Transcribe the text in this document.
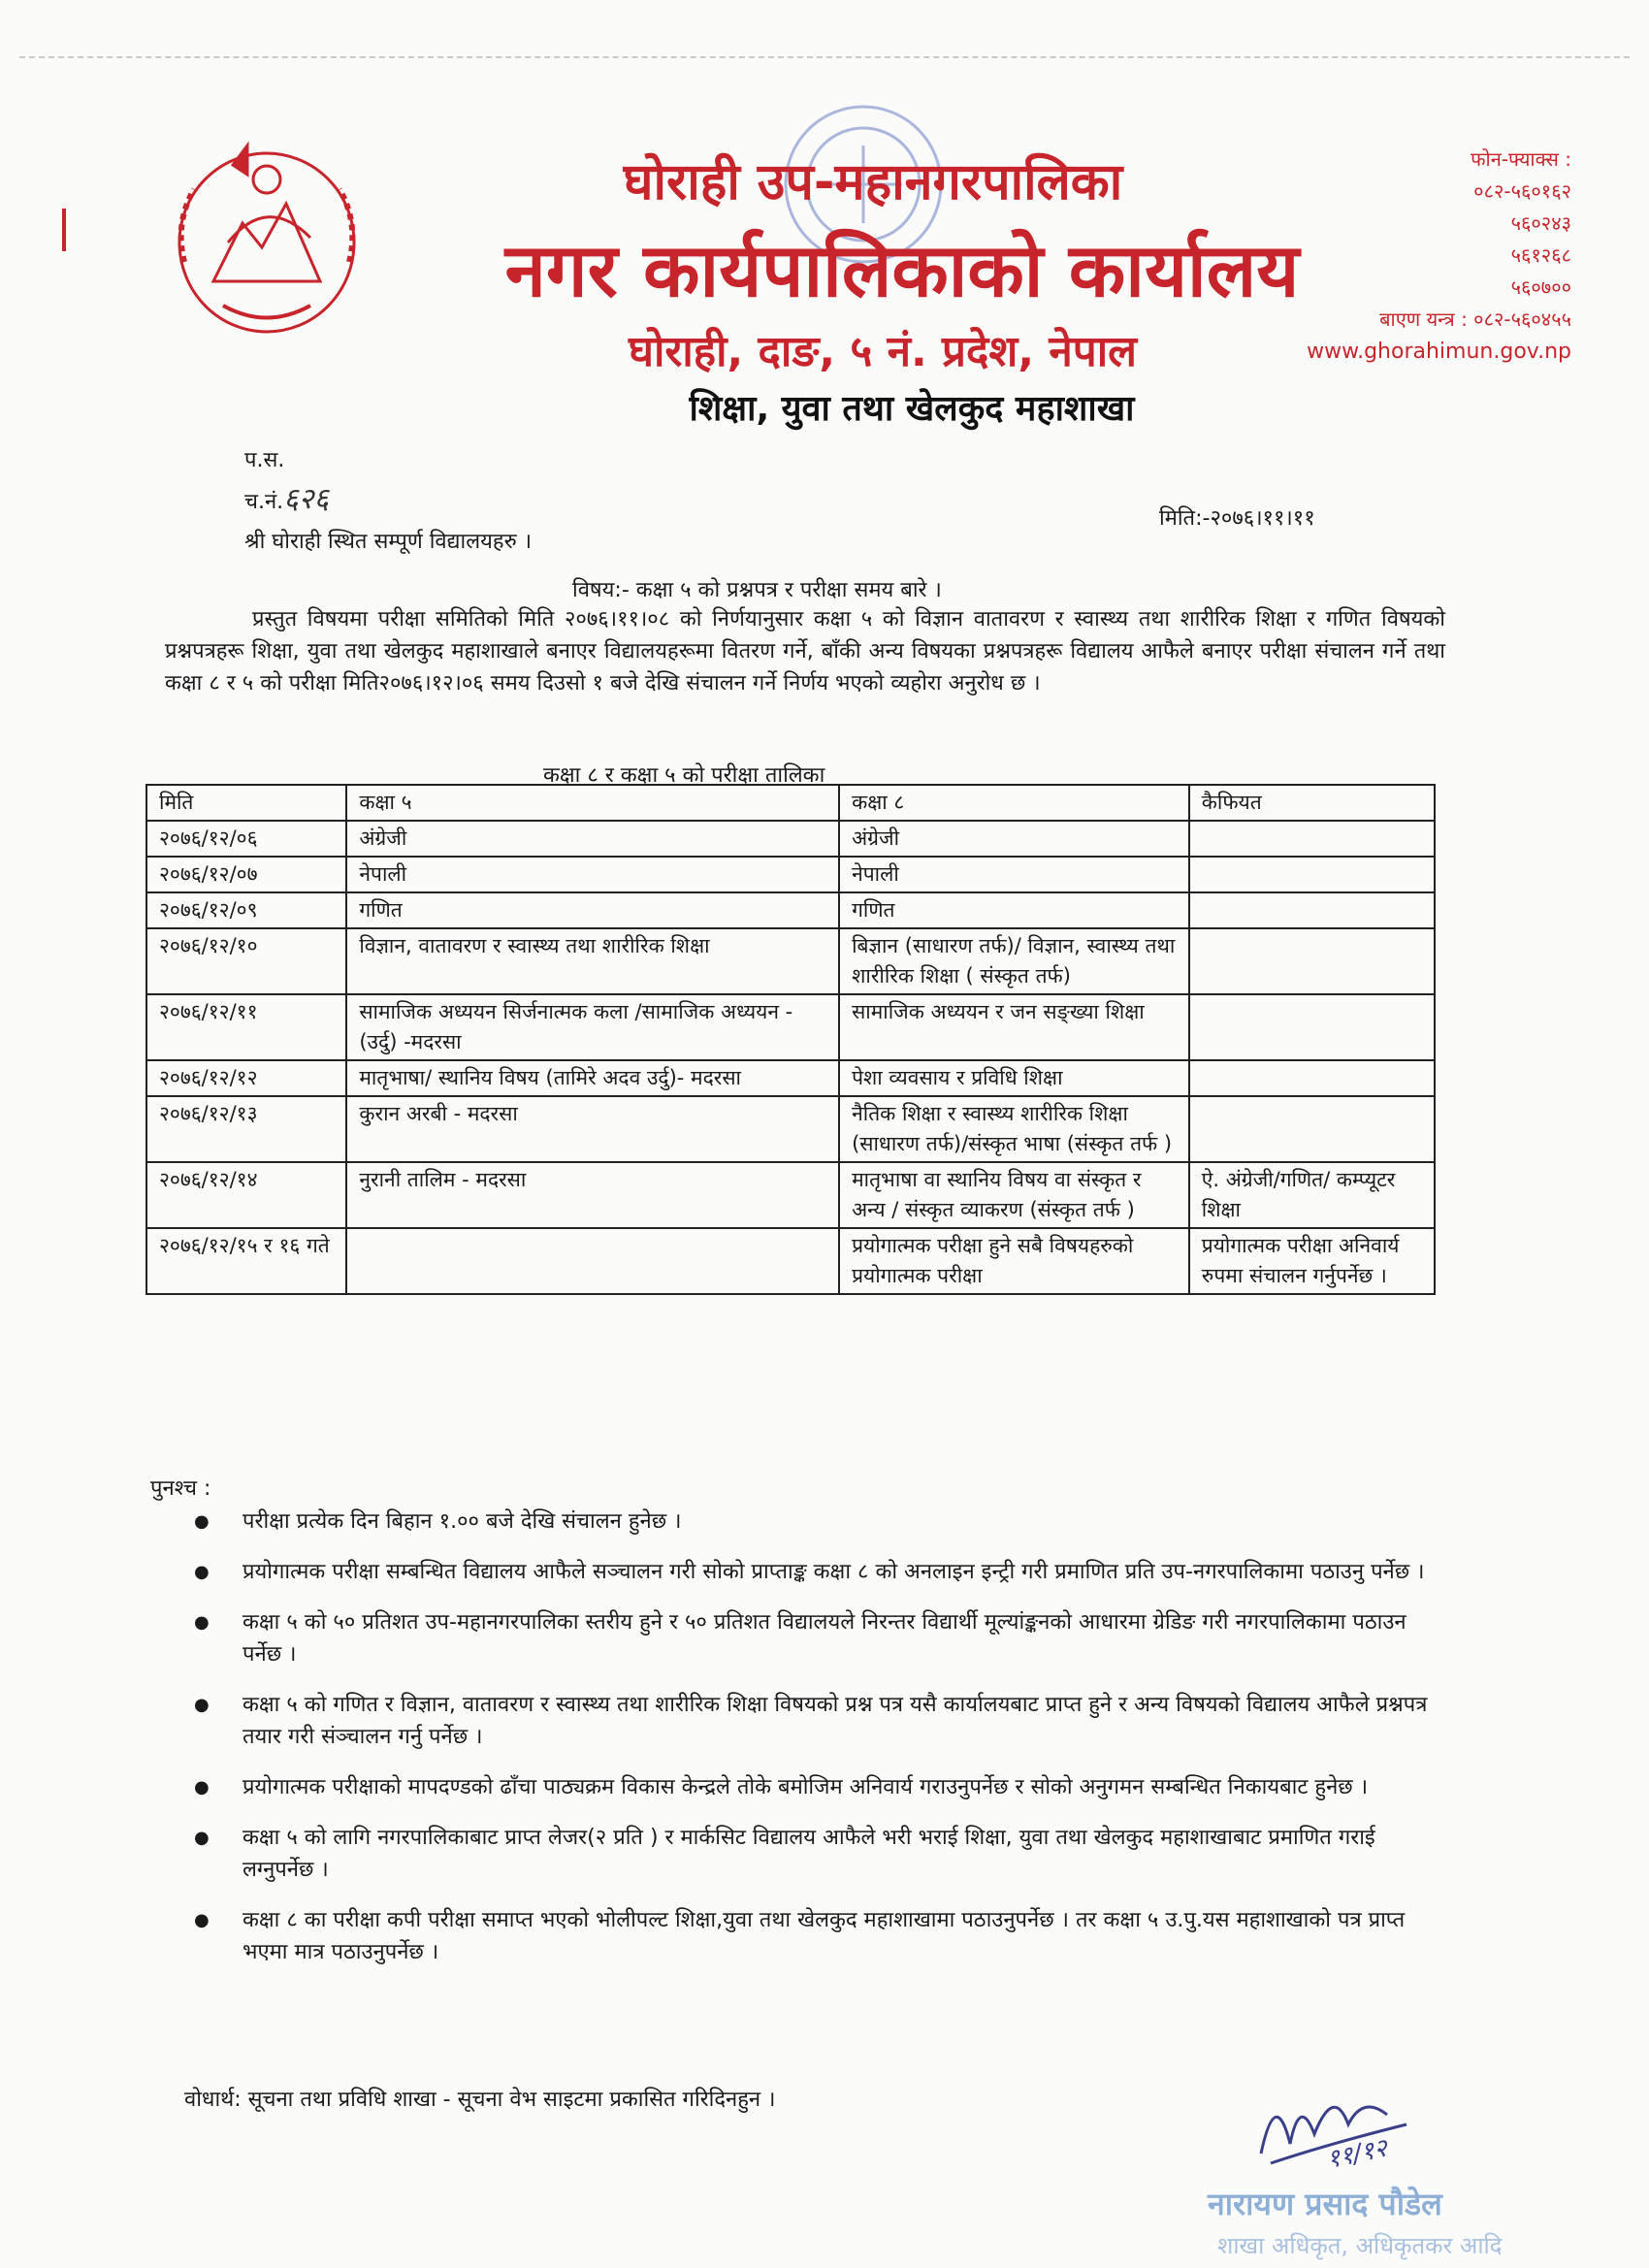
घोराही उप-महानगरपालिका
नगर कार्यपालिकाको कार्यालय
घोराही, दाङ, ५ नं. प्रदेश, नेपाल
शिक्षा, युवा तथा खेलकुद महाशाखा
फोन-फ्याक्स :
०८२-५६०१६२
५६०२४३
५६१२६८
५६०७००
बाएण यन्त्र : ०८२-५६०४५५
www.ghorahimun.gov.np
प.स.
च.नं.६२६
श्री घोराही स्थित सम्पूर्ण विद्यालयहरु ।
मिति:-२०७६।११।११
विषय:- कक्षा ५ को प्रश्नपत्र र परीक्षा समय बारे ।
प्रस्तुत विषयमा परीक्षा समितिको मिति २०७६।११।०८ को निर्णयानुसार कक्षा ५ को विज्ञान वातावरण र स्वास्थ्य तथा शारीरिक शिक्षा र गणित विषयको प्रश्नपत्रहरू शिक्षा, युवा तथा खेलकुद महाशाखाले बनाएर विद्यालयहरूमा वितरण गर्ने, बाँकी अन्य विषयका प्रश्नपत्रहरू विद्यालय आफैले बनाएर परीक्षा संचालन गर्ने तथा कक्षा ८ र ५ को परीक्षा मिति२०७६।१२।०६ समय दिउसो १ बजे देखि संचालन गर्ने निर्णय भएको व्यहोरा अनुरोध छ ।
कक्षा ८ र कक्षा ५ को परीक्षा तालिका
मिति	कक्षा ५	कक्षा ८	कैफियत
२०७६/१२/०६	अंग्रेजी	अंग्रेजी	
२०७६/१२/०७	नेपाली	नेपाली	
२०७६/१२/०९	गणित	गणित	
२०७६/१२/१०	विज्ञान, वातावरण र स्वास्थ्य तथा शारीरिक शिक्षा	बिज्ञान (साधारण तर्फ)/ विज्ञान, स्वास्थ्य तथा शारीरिक शिक्षा ( संस्कृत तर्फ)	
२०७६/१२/११	सामाजिक अध्ययन सिर्जनात्मक कला /सामाजिक अध्ययन -(उर्दु) -मदरसा	सामाजिक अध्ययन र जन सङ्ख्या शिक्षा	
२०७६/१२/१२	मातृभाषा/ स्थानिय विषय (तामिरे अदव उर्दु)- मदरसा	पेशा व्यवसाय र प्रविधि शिक्षा	
२०७६/१२/१३	कुरान अरबी - मदरसा	नैतिक शिक्षा र स्वास्थ्य शारीरिक शिक्षा (साधारण तर्फ)/संस्कृत भाषा (संस्कृत तर्फ )	
२०७६/१२/१४	नुरानी तालिम - मदरसा	मातृभाषा वा स्थानिय विषय वा संस्कृत र अन्य / संस्कृत व्याकरण (संस्कृत तर्फ )	ऐ. अंग्रेजी/गणित/ कम्प्यूटर शिक्षा
२०७६/१२/१५ र १६ गते		प्रयोगात्मक परीक्षा हुने सबै विषयहरुको प्रयोगात्मक परीक्षा	प्रयोगात्मक परीक्षा अनिवार्य रुपमा संचालन गर्नुपर्नेछ ।
पुनश्च :
● परीक्षा प्रत्येक दिन बिहान १.०० बजे देखि संचालन हुनेछ ।
● प्रयोगात्मक परीक्षा सम्बन्धित विद्यालय आफैले सञ्चालन गरी सोको प्राप्ताङ्क कक्षा ८ को अनलाइन इन्ट्री गरी प्रमाणित प्रति उप-नगरपालिकामा पठाउनु पर्नेछ ।
● कक्षा ५ को ५० प्रतिशत उप-महानगरपालिका स्तरीय हुने र ५० प्रतिशत विद्यालयले निरन्तर विद्यार्थी मूल्यांङ्कनको आधारमा ग्रेडिङ गरी नगरपालिकामा पठाउन पर्नेछ ।
● कक्षा ५ को गणित र विज्ञान, वातावरण र स्वास्थ्य तथा शारीरिक शिक्षा विषयको प्रश्न पत्र यसै कार्यालयबाट प्राप्त हुने र अन्य विषयको विद्यालय आफैले प्रश्नपत्र तयार गरी संञ्चालन गर्नु पर्नेछ ।
● प्रयोगात्मक परीक्षाको मापदण्डको ढाँचा पाठ्यक्रम विकास केन्द्रले तोके बमोजिम अनिवार्य गराउनुपर्नेछ र सोको अनुगमन सम्बन्धित निकायबाट हुनेछ ।
● कक्षा ५ को लागि नगरपालिकाबाट प्राप्त लेजर(२ प्रति ) र मार्कसिट विद्यालय आफैले भरी भराई शिक्षा, युवा तथा खेलकुद महाशाखाबाट प्रमाणित गराई लग्नुपर्नेछ ।
● कक्षा ८ का परीक्षा कपी परीक्षा समाप्त भएको भोलीपल्ट शिक्षा,युवा तथा खेलकुद महाशाखामा पठाउनुपर्नेछ । तर कक्षा ५ उ.पु.यस महाशाखाको पत्र प्राप्त भएमा मात्र पठाउनुपर्नेछ ।
वोधार्थ: सूचना तथा प्रविधि शाखा - सूचना वेभ साइटमा प्रकासित गरिदिनहुन ।
११/१२
नारायण प्रसाद पौडेल
शाखा अधिकृत, अधिकृतकर आदि
